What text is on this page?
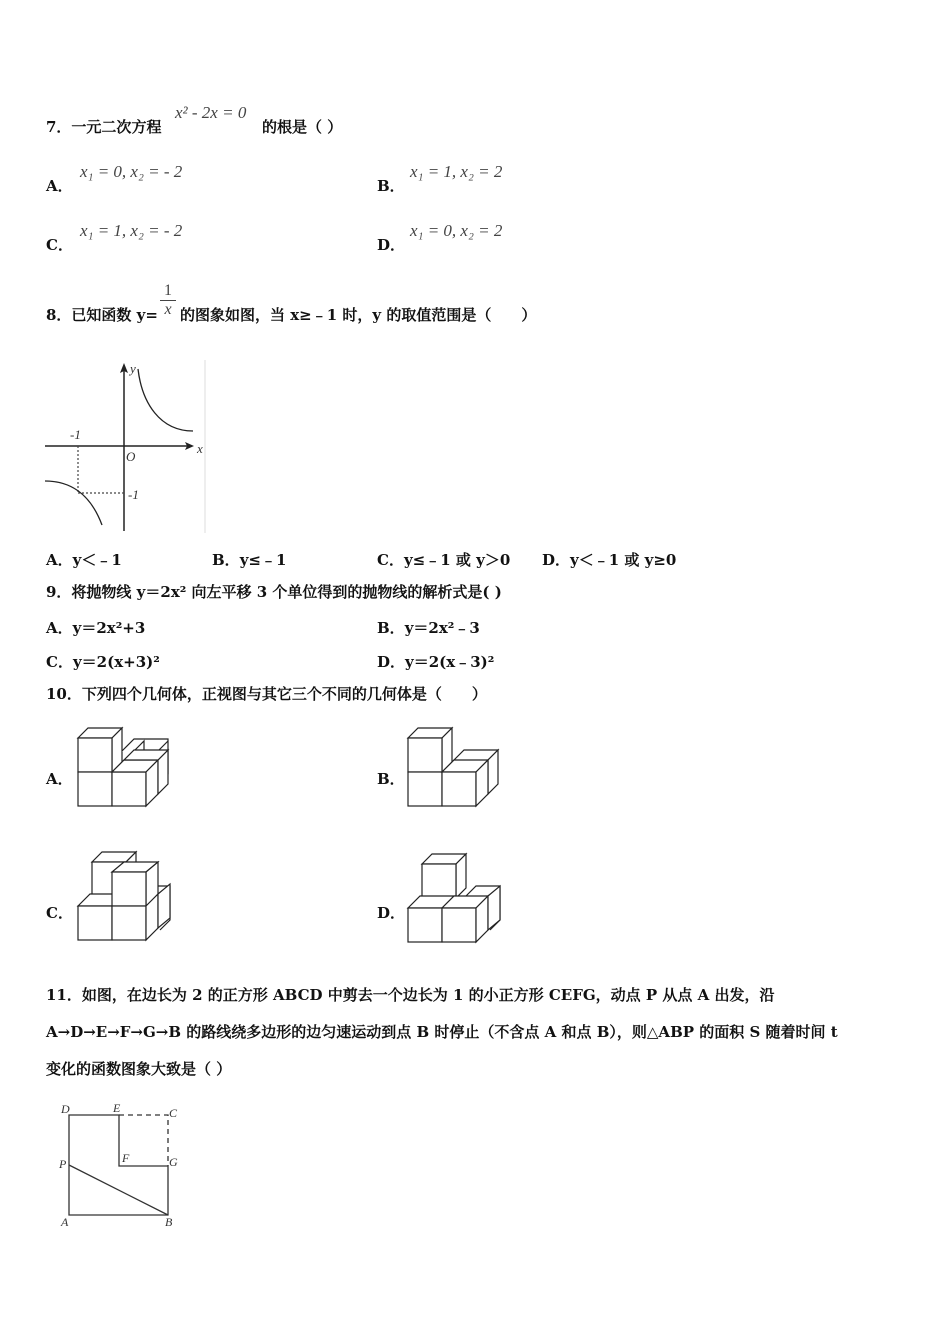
7．一元二次方程
x² - 2x = 0
的根是（ ）
A．
x₁ = 0, x₂ = - 2
B．
x₁ = 1, x₂ = 2
C．
x₁ = 1, x₂ = - 2
D．
x₁ = 0, x₂ = 2
8．已知函数 $y= \frac{1}{x}$ 的图象如图，当 x≥﹣1 时，y 的取值范围是（　　）
y
x
O
-1
-1
A．y＜﹣1	B．y≤﹣1	C．y≤﹣1 或 y＞0 D．y＜﹣1 或 y≥0
9．将抛物线 y＝2x² 向左平移 3 个单位得到的抛物线的解析式是( )
A．y＝2x²+3	B．y＝2x²﹣3
C．y＝2(x+3)²	D．y＝2(x﹣3)²
10．下列四个几何体，正视图与其它三个不同的几何体是（　　）
A．	B．
C．	D．
11．如图，在边长为 2 的正方形 ABCD 中剪去一个边长为 1 的小正方形 CEFG，动点 P 从点 A 出发，沿
A→D→E→F→G→B 的路线绕多边形的边匀速运动到点 B 时停止（不含点 A 和点 B），则△ABP 的面积 S 随着时间 t
变化的函数图象大致是（ ）
D	E	C
P	F	G
A	B
